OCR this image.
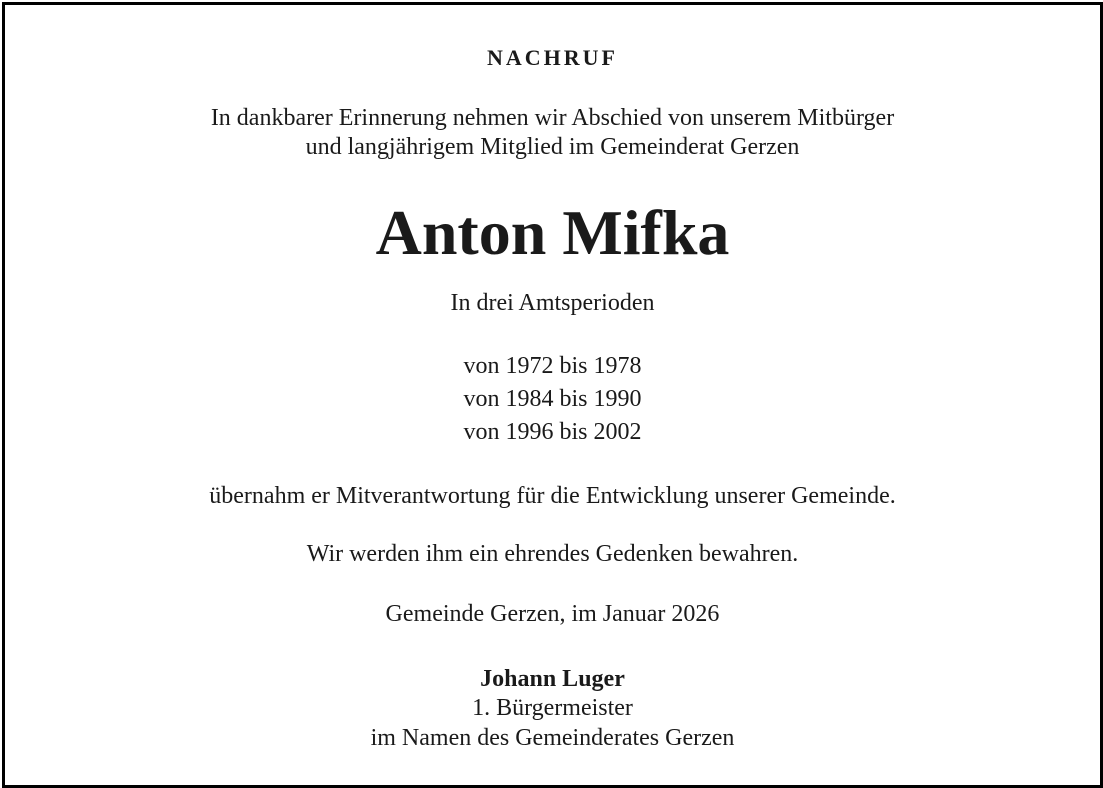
NACHRUF
In dankbarer Erinnerung nehmen wir Abschied von unserem Mitbürger
und langjährigem Mitglied im Gemeinderat Gerzen
Anton Mifka
In drei Amtsperioden
von 1972 bis 1978
von 1984 bis 1990
von 1996 bis 2002
übernahm er Mitverantwortung für die Entwicklung unserer Gemeinde.
Wir werden ihm ein ehrendes Gedenken bewahren.
Gemeinde Gerzen, im Januar 2026
Johann Luger
1. Bürgermeister
im Namen des Gemeinderates Gerzen
